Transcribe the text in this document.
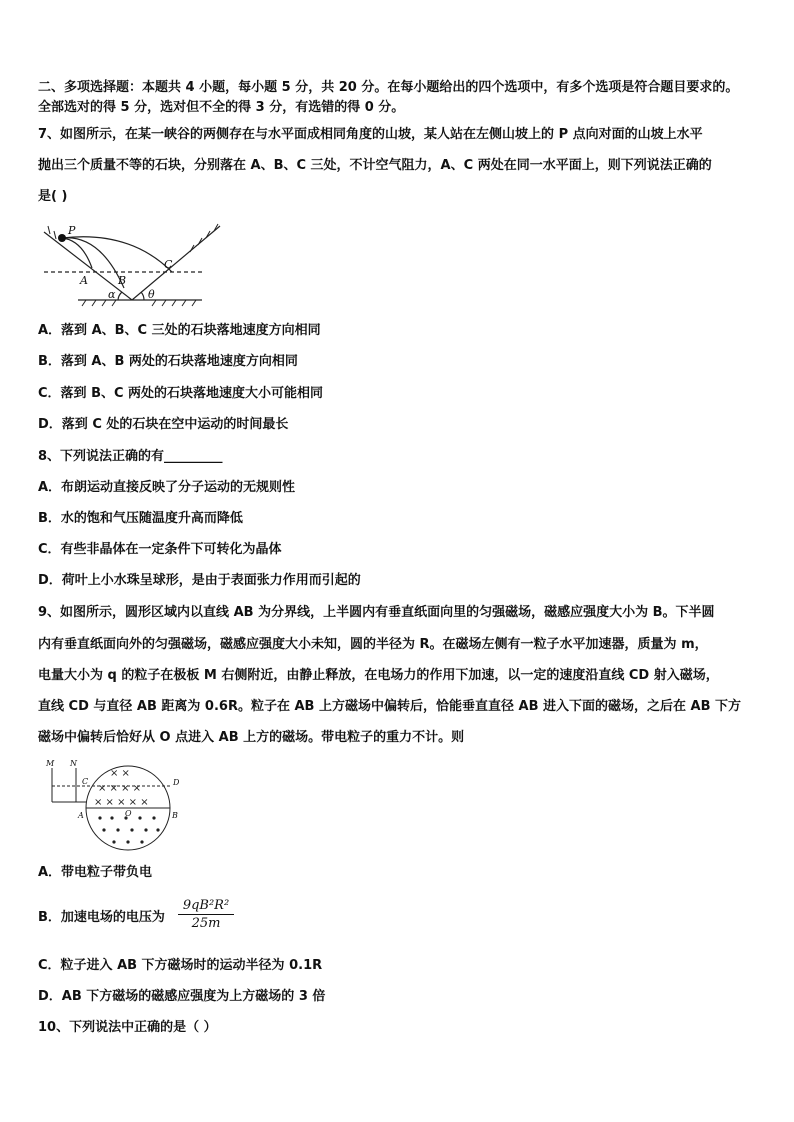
二、多项选择题：本题共 4 小题，每小题 5 分，共 20 分。在每小题给出的四个选项中，有多个选项是符合题目要求的。
全部选对的得 5 分，选对但不全的得 3 分，有选错的得 0 分。
7、如图所示，在某一峡谷的两侧存在与水平面成相同角度的山坡，某人站在左侧山坡上的 P 点向对面的山坡上水平
抛出三个质量不等的石块，分别落在 A、B、C 三处，不计空气阻力，A、C 两处在同一水平面上，则下列说法正确的
是( )
P
A	B
C
α	θ
A．落到 A、B、C 三处的石块落地速度方向相同
B．落到 A、B 两处的石块落地速度方向相同
C．落到 B、C 两处的石块落地速度大小可能相同
D．落到 C 处的石块在空中运动的时间最长
8、下列说法正确的有_________
A．布朗运动直接反映了分子运动的无规则性
B．水的饱和气压随温度升高而降低
C．有些非晶体在一定条件下可转化为晶体
D．荷叶上小水珠呈球形，是由于表面张力作用而引起的
9、如图所示，圆形区域内以直线 AB 为分界线，上半圆内有垂直纸面向里的匀强磁场，磁感应强度大小为 B。下半圆
内有垂直纸面向外的匀强磁场，磁感应强度大小未知，圆的半径为 R。在磁场左侧有一粒子水平加速器，质量为 m，
电量大小为 q 的粒子在极板 M 右侧附近，由静止释放，在电场力的作用下加速，以一定的速度沿直线 CD 射入磁场，
直线 CD 与直径 AB 距离为 0.6R。粒子在 AB 上方磁场中偏转后，恰能垂直直径 AB 进入下面的磁场，之后在 AB 下方
磁场中偏转后恰好从 O 点进入 AB 上方的磁场。带电粒子的重力不计。则
× ×
× × × ×
× × × × ×
M N
C	D
A	B
O
A．带电粒子带负电
B．加速电场的电压为 $\frac{\text{9qB²R²}}{25m}$
C．粒子进入 AB 下方磁场时的运动半径为 0.1R
D．AB 下方磁场的磁感应强度为上方磁场的 3 倍
10、下列说法中正确的是（ ）
